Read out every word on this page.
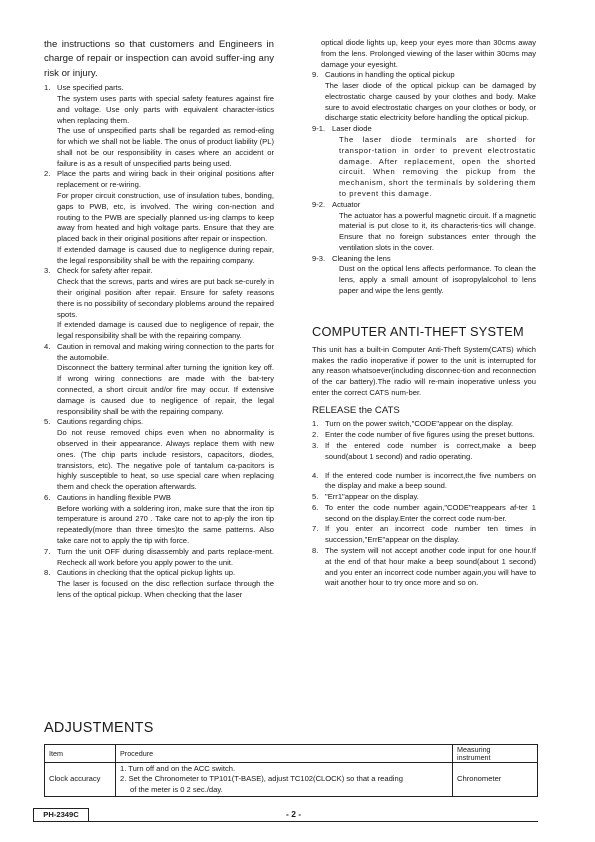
the instructions so that customers and Engineers in charge of repair or inspection can avoid suffer-ing any risk or injury.

1. Use specified parts.

The system uses parts with special safety features against fire and voltage. Use only parts with equivalent character-istics when replacing them.

The use of unspecified parts shall be regarded as remod-eling for which we shall not be liable. The onus of product liability (PL) shall not be our responsibility in cases where an accident or failure is as a result of unspecified parts being used.

2. Place the parts and wiring back in their original positions after replacement or re-wiring.

For proper circuit construction, use of insulation tubes, bonding, gaps to PWB, etc, is involved. The wiring con-nection and routing to the PWB are specially planned us-ing clamps to keep away from heated and high voltage parts. Ensure that they are placed back in their original positions after repair or inspection.

If extended damage is caused due to negligence during repair, the legal responsibility shall be with the repairing company.

3. Check for safety after repair.

Check that the screws, parts and wires are put back se-curely in their original position after repair. Ensure for safety reasons there is no possibility of secondary ploblems around the repaired spots.

If extended damage is caused due to negligence of repair, the legal responsibility shall be with the repairing company.

4. Caution in removal and making wiring connection to the parts for the automobile.

Disconnect the battery terminal after turning the ignition key off. If wrong wiring connections are made with the bat-tery connected, a short circuit and/or fire may occur. If extensive damage is caused due to negligence of repair, the legal responsibility shall be with the repairing company.

5. Cautions regarding chips.

Do not reuse removed chips even when no abnormality is observed in their appearance. Always replace them with new ones. (The chip parts include resistors, capacitors, diodes, transistors, etc). The negative pole of tantalum ca-pacitors is highly susceptible to heat, so use special care when replacing them and check the operation afterwards.

6. Cautions in handling flexible PWB

Before working with a soldering iron, make sure that the iron tip temperature is around 270 . Take care not to ap-ply the iron tip repeatedly(more than three times)to the same patterns. Also take care not to apply the tip with force.

7. Turn the unit OFF during disassembly and parts replace-ment. Recheck all work before you apply power to the unit.

8. Cautions in checking that the optical pickup lights up.

The laser is focused on the disc reflection surface through the lens of the optical pickup. When checking that the laser

optical diode lights up, keep your eyes more than 30cms away from the lens. Prolonged viewing of the laser within 30cms may damage your eyesight.

9. Cautions in handling the optical pickup

The laser diode of the optical pickup can be damaged by electrostatic charge caused by your clothes and body. Make sure to avoid electrostatic charges on your clothes or body, or discharge static electricity before handling the optical pickup.

9-1. Laser diode

The laser diode terminals are shorted for transpor-tation in order to prevent electrostatic damage. After replacement, open the shorted circuit. When removing the pickup from the mechanism, short the terminals by soldering them to prevent this damage.

9-2. Actuator

The actuator has a powerful magnetic circuit. If a magnetic material is put close to it, its characteris-tics will change. Ensure that no foreign substances enter through the ventilation slots in the cover.

9-3. Cleaning the lens

Dust on the optical lens affects performance. To clean the lens, apply a small amount of isopropylalcohol to lens paper and wipe the lens gently.

COMPUTER ANTI-THEFT SYSTEM

This unit has a built-in Computer Anti-Theft System(CATS) which makes the radio inoperative if power to the unit is interrupted for any reason whatsoever(including disconnec-tion and reconnection of the car battery).The radio will re-main inoperative unless you enter the correct CATS num-ber.

RELEASE the CATS
1. Turn on the power switch,"CODE"appear on the display.
2. Enter the code number of five figures using the preset buttons.
3. If the entered code number is correct,make a beep sound(about 1 second) and radio operating.
4. If the entered code number is incorrect,the five numbers on the display and make a beep sound.
5. "Err1"appear on the display.
6. To enter the code number again,"CODE"reappears af-ter 1 second on the display.Enter the correct code num-ber.
7. If you enter an incorrect code number ten times in succession,"ErrE"appear on the display.
8. The system will not accept another code input for one hour.If at the end of that hour make a beep sound(about 1 second) and you enter an incorrect code number again,you will have to wait another hour to try once more and so on.
ADJUSTMENTS
Item	Procedure	Measuring
instrument

Clock accuracy	1. Turn off and on the ACC switch.
2. Set the Chronometer to TP101(T-BASE), adjust TC102(CLOCK) so that a reading
of the meter is 0 2 sec./day.	Chronometer
PH-2349C	- 2 -
